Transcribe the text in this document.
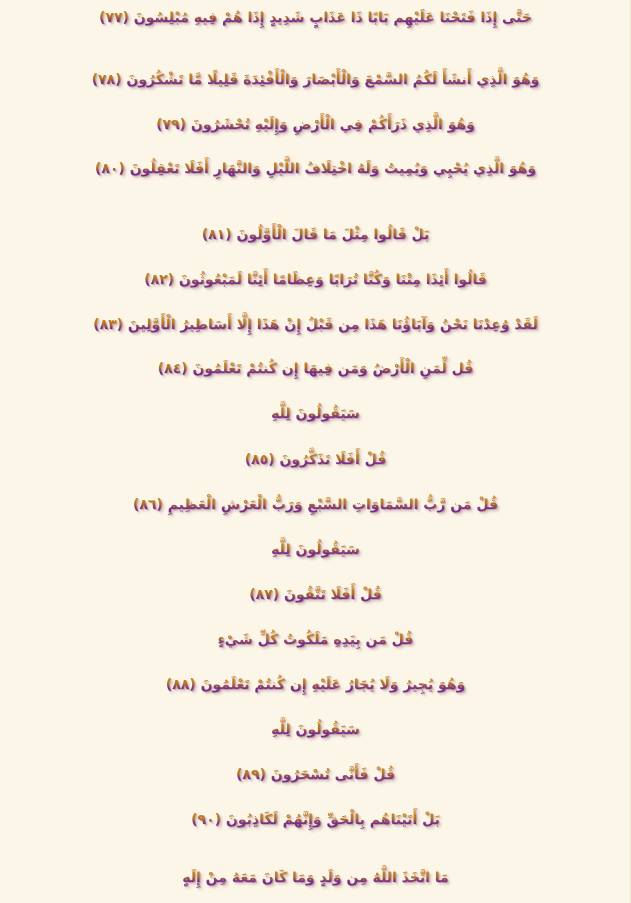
حَتَّى إِذَا فَتَحْنَا عَلَيْهِم بَابًا ذَا عَذَابٍ شَدِيدٍ إِذَا هُمْ فِيهِ مُبْلِسُونَ (٧٧)
وَهُوَ الَّذِي أَنشَأَ لَكُمُ السَّمْعَ وَالْأَبْصَارَ وَالْأَفْئِدَةَ قَلِيلًا مَّا تَشْكُرُونَ (٧٨)
وَهُوَ الَّذِي ذَرَأَكُمْ فِي الْأَرْضِ وَإِلَيْهِ تُحْشَرُونَ (٧٩)
وَهُوَ الَّذِي يُحْيِي وَيُمِيتُ وَلَهُ اخْتِلَافُ اللَّيْلِ وَالنَّهَارِ أَفَلَا تَعْقِلُونَ (٨٠)
بَلْ قَالُوا مِثْلَ مَا قَالَ الْأَوَّلُونَ (٨١)
قَالُوا أَئِذَا مِتْنَا وَكُنَّا تُرَابًا وَعِظَامًا أَئِنَّا لَمَبْعُوثُونَ (٨٢)
لَقَدْ وُعِدْنَا نَحْنُ وَآبَاؤُنَا هَذَا مِن قَبْلُ إِنْ هَذَا إِلَّا أَسَاطِيرُ الْأَوَّلِينَ (٨٣)
قُل لِّمَنِ الْأَرْضُ وَمَن فِيهَا إِن كُنتُمْ تَعْلَمُونَ (٨٤)
سَيَقُولُونَ لِلَّهِ
قُلْ أَفَلَا تَذَكَّرُونَ (٨٥)
قُلْ مَن رَّبُّ السَّمَاوَاتِ السَّبْعِ وَرَبُّ الْعَرْشِ الْعَظِيمِ (٨٦)
سَيَقُولُونَ لِلَّهِ
قُلْ أَفَلَا تَتَّقُونَ (٨٧)
قُلْ مَن بِيَدِهِ مَلَكُوتُ كُلِّ شَيْءٍ
وَهُوَ يُجِيرُ وَلَا يُجَارُ عَلَيْهِ إِن كُنتُمْ تَعْلَمُونَ (٨٨)
سَيَقُولُونَ لِلَّهِ
قُلْ فَأَنَّى تُسْحَرُونَ (٨٩)
بَلْ أَتَيْنَاهُم بِالْحَقِّ وَإِنَّهُمْ لَكَاذِبُونَ (٩٠)
مَا اتَّخَذَ اللَّهُ مِن وَلَدٍ وَمَا كَانَ مَعَهُ مِنْ إِلَهٍ
